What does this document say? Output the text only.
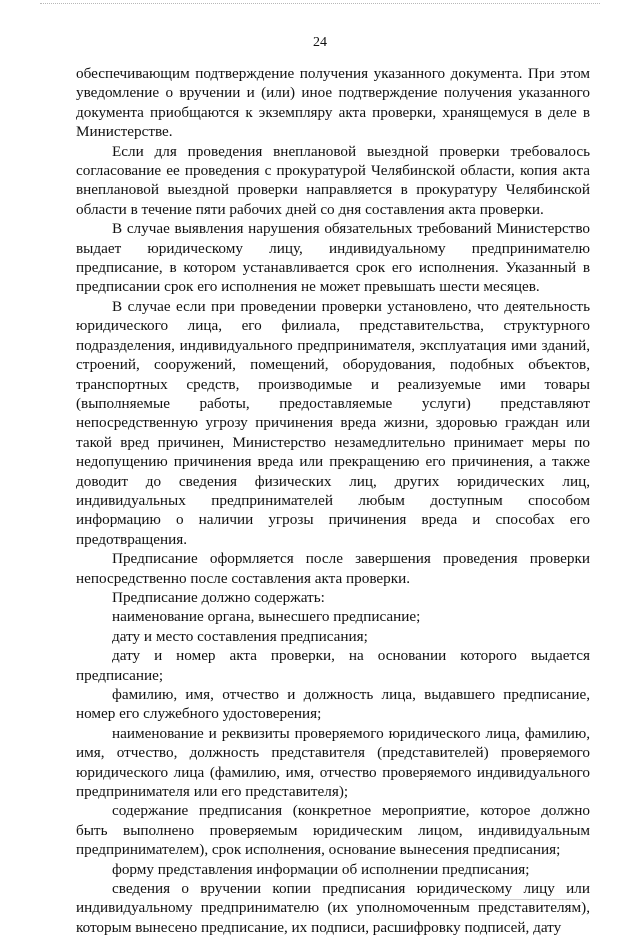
24

обеспечивающим подтверждение получения указанного документа. При этом уведомление о вручении и (или) иное подтверждение получения указанного документа приобщаются к экземпляру акта проверки, хранящемуся в деле в Министерстве.

Если для проведения внеплановой выездной проверки требовалось согласование ее проведения с прокуратурой Челябинской области, копия акта внеплановой выездной проверки направляется в прокуратуру Челябинской области в течение пяти рабочих дней со дня составления акта проверки.

В случае выявления нарушения обязательных требований Министерство выдает юридическому лицу, индивидуальному предпринимателю предписание, в котором устанавливается срок его исполнения. Указанный в предписании срок его исполнения не может превышать шести месяцев.

В случае если при проведении проверки установлено, что деятельность юридического лица, его филиала, представительства, структурного подразделения, индивидуального предпринимателя, эксплуатация ими зданий, строений, сооружений, помещений, оборудования, подобных объектов, транспортных средств, производимые и реализуемые ими товары (выполняемые работы, предоставляемые услуги) представляют непосредственную угрозу причинения вреда жизни, здоровью граждан или такой вред причинен, Министерство незамедлительно принимает меры по недопущению причинения вреда или прекращению его причинения, а также доводит до сведения физических лиц, других юридических лиц, индивидуальных предпринимателей любым доступным способом информацию о наличии угрозы причинения вреда и способах его предотвращения.

Предписание оформляется после завершения проведения проверки непосредственно после составления акта проверки.

Предписание должно содержать:

наименование органа, вынесшего предписание;

дату и место составления предписания;

дату и номер акта проверки, на основании которого выдается предписание;

фамилию, имя, отчество и должность лица, выдавшего предписание, номер его служебного удостоверения;

наименование и реквизиты проверяемого юридического лица, фамилию, имя, отчество, должность представителя (представителей) проверяемого юридического лица (фамилию, имя, отчество проверяемого индивидуального предпринимателя или его представителя);

содержание предписания (конкретное мероприятие, которое должно быть выполнено проверяемым юридическим лицом, индивидуальным предпринимателем), срок исполнения, основание вынесения предписания;

форму представления информации об исполнении предписания;

сведения о вручении копии предписания юридическому лицу или индивидуальному предпринимателю (их уполномоченным представителям), которым вынесено предписание, их подписи, расшифровку подписей, дату
